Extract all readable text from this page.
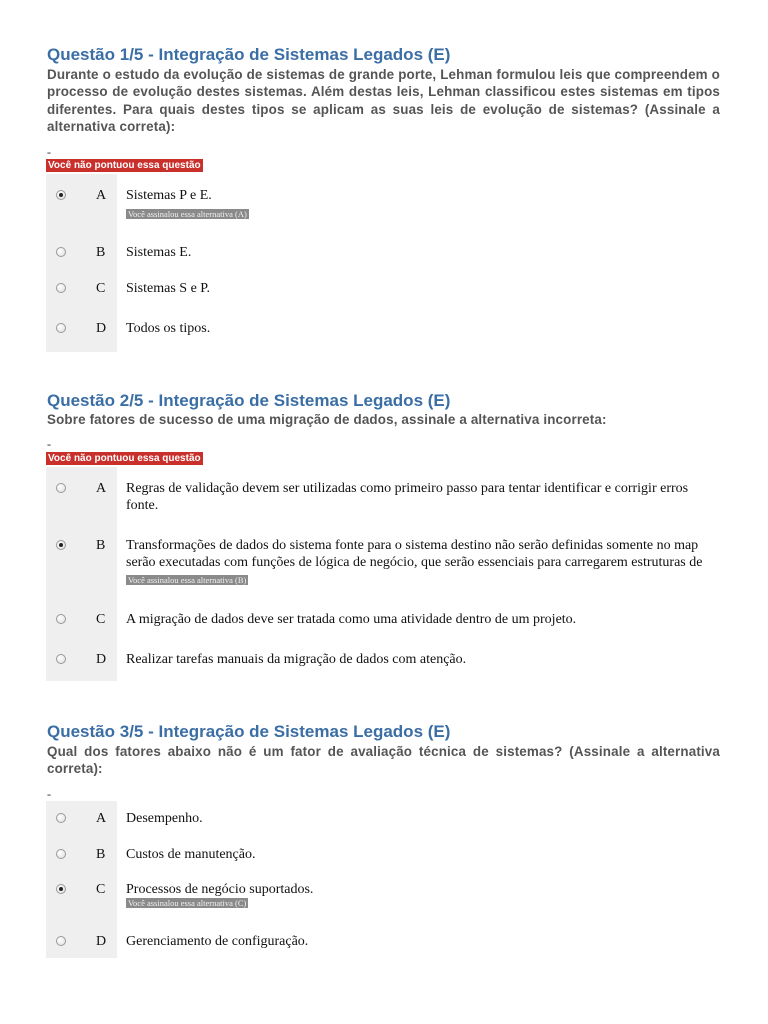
Questão 1/5 - Integração de Sistemas Legados (E)
Durante o estudo da evolução de sistemas de grande porte, Lehman formulou leis que compreendem o processo de evolução destes sistemas. Além destas leis, Lehman classificou estes sistemas em tipos diferentes. Para quais destes tipos se aplicam as suas leis de evolução de sistemas? (Assinale a alternativa correta):
-
Você não pontuou essa questão
A Sistemas P e E.
Você assinalou essa alternativa (A)
B Sistemas E.
C Sistemas S e P.
D Todos os tipos.
Questão 2/5 - Integração de Sistemas Legados (E)
Sobre fatores de sucesso de uma migração de dados, assinale a alternativa incorreta:
-
Você não pontuou essa questão
A Regras de validação devem ser utilizadas como primeiro passo para tentar identificar e corrigir erros
fonte.
B Transformações de dados do sistema fonte para o sistema destino não serão definidas somente no map
serão executadas com funções de lógica de negócio, que serão essenciais para carregarem estruturas de
Você assinalou essa alternativa (B)
C A migração de dados deve ser tratada como uma atividade dentro de um projeto.
D Realizar tarefas manuais da migração de dados com atenção.
Questão 3/5 - Integração de Sistemas Legados (E)
Qual dos fatores abaixo não é um fator de avaliação técnica de sistemas? (Assinale a alternativa correta):
-
A Desempenho.
B Custos de manutenção.
C Processos de negócio suportados.
Você assinalou essa alternativa (C)
D Gerenciamento de configuração.
